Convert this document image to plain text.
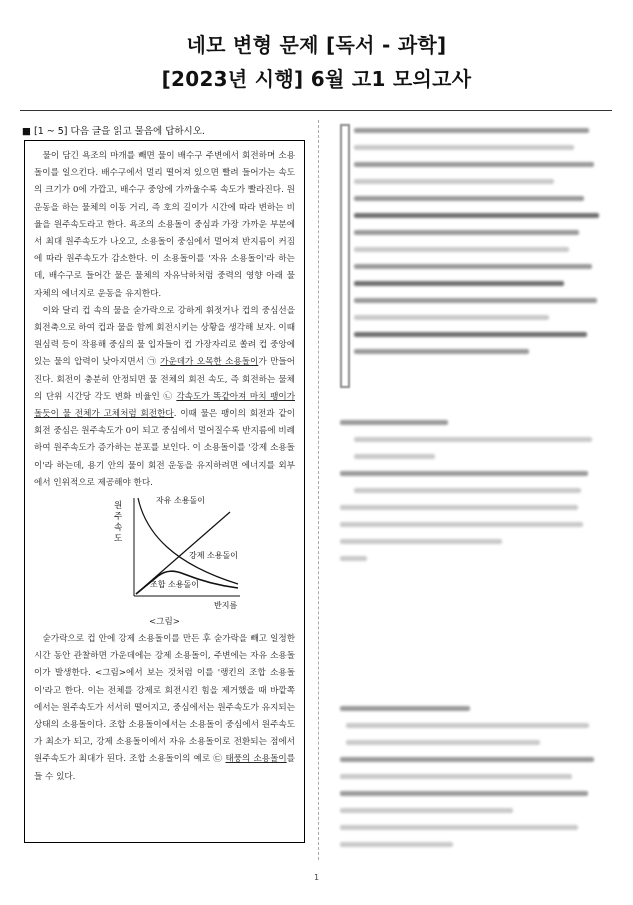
네모 변형 문제 [독서 - 과학]
[2023년 시행] 6월 고1 모의고사
■ [1 ~ 5] 다음 글을 읽고 물음에 답하시오.

물이 담긴 욕조의 마개를 빼면 물이 배수구 주변에서 회전하며 소용돌이를 일으킨다. 배수구에서 멀리 떨어져 있으면 빨려 들어가는 속도의 크기가 0에 가깝고, 배수구 중앙에 가까울수록 속도가 빨라진다. 원운동을 하는 물체의 이동 거리, 즉 호의 길이가 시간에 따라 변하는 비율을 원주속도라고 한다. 욕조의 소용돌이 중심과 가장 가까운 부분에서 최대 원주속도가 나오고, 소용돌이 중심에서 멀어져 반지름이 커짐에 따라 원주속도가 감소한다. 이 소용돌이를 '자유 소용돌이'라 하는데, 배수구로 들어간 물은 물체의 자유낙하처럼 중력의 영향 아래 물 자체의 에너지로 운동을 유지한다.

이와 달리 컵 속의 물을 숟가락으로 강하게 휘젓거나 컵의 중심선을 회전축으로 하여 컵과 물을 함께 회전시키는 상황을 생각해 보자. 이때 원심력 등이 작용해 중심의 물 입자들이 컵 가장자리로 쏠려 컵 중앙에 있는 물의 압력이 낮아지면서 ㉠ 가운데가 오목한 소용돌이가 만들어진다. 회전이 충분히 안정되면 물 전체의 회전 속도, 즉 회전하는 물체의 단위 시간당 각도 변화 비율인 ㉡ 각속도가 똑같아져 마치 팽이가 돌듯이 물 전체가 고체처럼 회전한다. 이때 물은 팽이의 회전과 같이 회전 중심은 원주속도가 0이 되고 중심에서 멀어질수록 반지름에 비례하여 원주속도가 증가하는 분포를 보인다. 이 소용돌이를 '강제 소용돌이'라 하는데, 용기 안의 물이 회전 운동을 유지하려면 에너지를 외부에서 인위적으로 제공해야 한다.

원
주
속
도
자유 소용돌이
강제 소용돌이
조합 소용돌이
반지름
<그림>

숟가락으로 컵 안에 강제 소용돌이를 만든 후 숟가락을 빼고 일정한 시간 동안 관찰하면 가운데에는 강제 소용돌이, 주변에는 자유 소용돌이가 발생한다. <그림>에서 보는 것처럼 이를 '랭킨의 조합 소용돌이'라고 한다. 이는 전체를 강제로 회전시킨 힘을 제거했을 때 바깥쪽에서는 원주속도가 서서히 떨어지고, 중심에서는 원주속도가 유지되는 상태의 소용돌이다. 조합 소용돌이에서는 소용돌이 중심에서 원주속도가 최소가 되고, 강제 소용돌이에서 자유 소용돌이로 전환되는 점에서 원주속도가 최대가 된다. 조합 소용돌이의 예로 ㉢ 태풍의 소용돌이를 들 수 있다.

1
